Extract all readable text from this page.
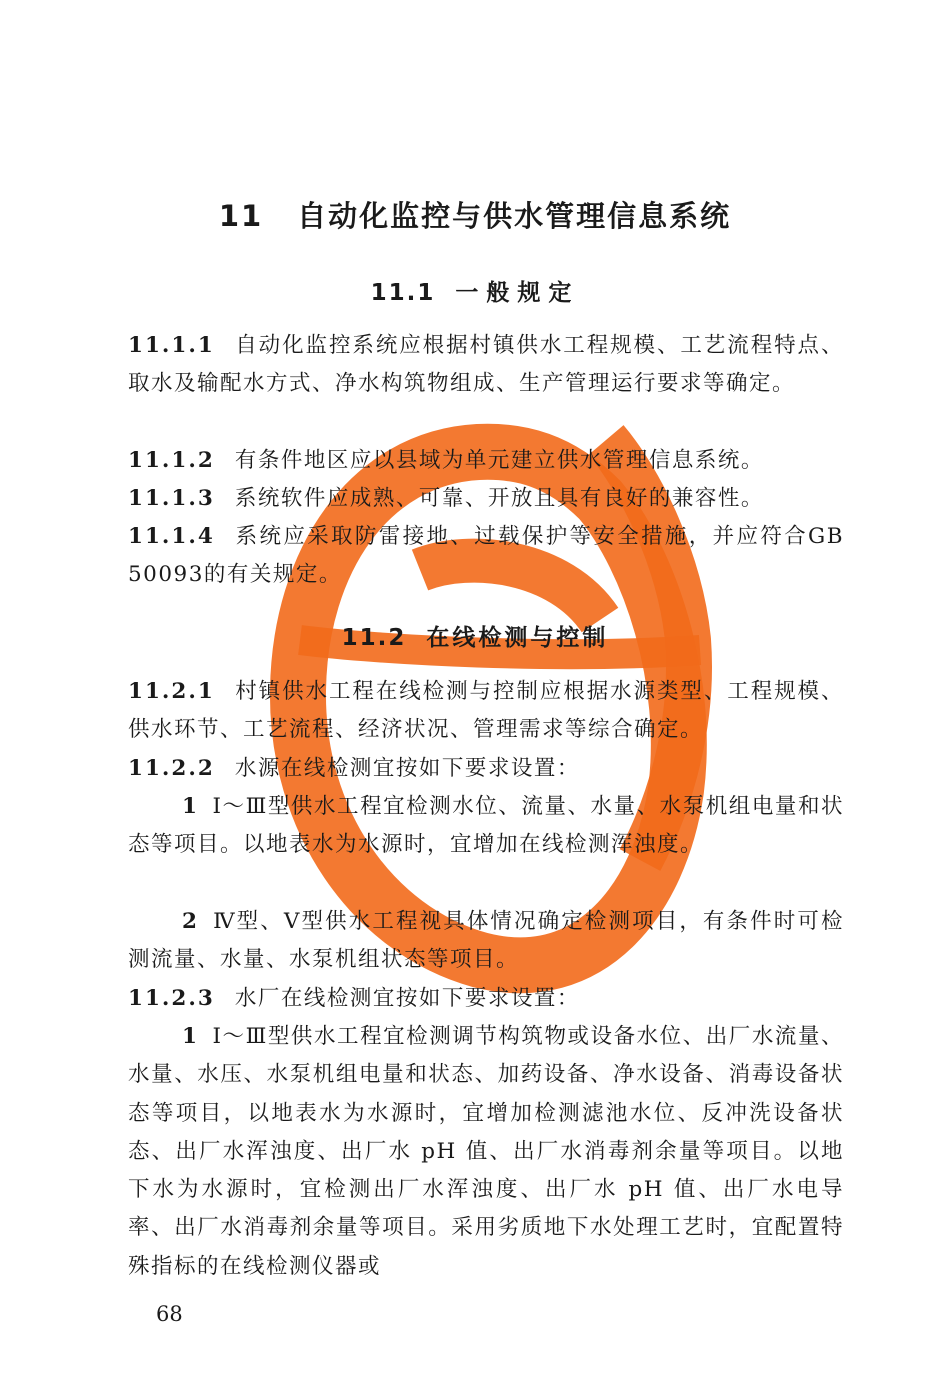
11 自动化监控与供水管理信息系统
11.1 一般规定
11.1.1 自动化监控系统应根据村镇供水工程规模、工艺流程特点、取水及输配水方式、净水构筑物组成、生产管理运行要求等确定。
11.1.2 有条件地区应以县域为单元建立供水管理信息系统。
11.1.3 系统软件应成熟、可靠、开放且具有良好的兼容性。
11.1.4 系统应采取防雷接地、过载保护等安全措施，并应符合GB 50093的有关规定。
11.2 在线检测与控制
11.2.1 村镇供水工程在线检测与控制应根据水源类型、工程规模、供水环节、工艺流程、经济状况、管理需求等综合确定。
11.2.2 水源在线检测宜按如下要求设置：
1 Ⅰ～Ⅲ型供水工程宜检测水位、流量、水量、水泵机组电量和状态等项目。以地表水为水源时，宜增加在线检测浑浊度。
2 Ⅳ型、Ⅴ型供水工程视具体情况确定检测项目，有条件时可检测流量、水量、水泵机组状态等项目。
11.2.3 水厂在线检测宜按如下要求设置：
1 Ⅰ～Ⅲ型供水工程宜检测调节构筑物或设备水位、出厂水流量、水量、水压、水泵机组电量和状态、加药设备、净水设备、消毒设备状态等项目，以地表水为水源时，宜增加检测滤池水位、反冲洗设备状态、出厂水浑浊度、出厂水 pH 值、出厂水消毒剂余量等项目。以地下水为水源时，宜检测出厂水浑浊度、出厂水 pH 值、出厂水电导率、出厂水消毒剂余量等项目。采用劣质地下水处理工艺时，宜配置特殊指标的在线检测仪器或
68
